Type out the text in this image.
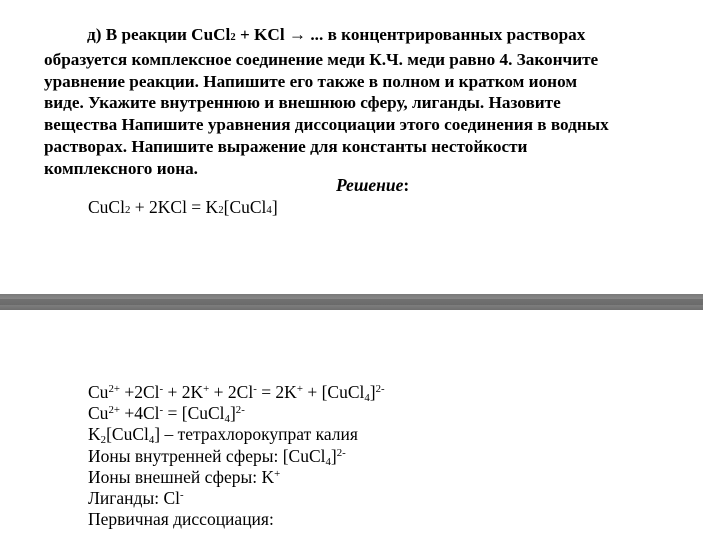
д) В реакции CuCl2 + KCl → ... в концентрированных растворах
образуется комплексное соединение меди К.Ч. меди равно 4. Закончите
уравнение реакции. Напишите его также в полном и кратком ионом
виде. Укажите внутреннюю и внешнюю сферу, лиганды. Назовите
вещества Напишите уравнения диссоциации этого соединения в водных
растворах. Напишите выражение для константы нестойкости
комплексного иона.
Решение:
CuCl2 + 2KCl = K2[CuCl4]
$Cu^{2+} +2Cl^- + 2K^+ + 2Cl^- = 2K^+$ + [CuCl$_4$]$^{2-}$
$Cu^{2+} +4Cl^-$ = [CuCl$_4$]$^{2-}$
$K_2[CuCl_4]$ – тетрахлорокупрат калия
Ионы внутренней сферы: [CuCl$_4$]$^{2-}$
Ионы внешней сферы: K+
Лиганды: Cl-
Первичная диссоциация:
